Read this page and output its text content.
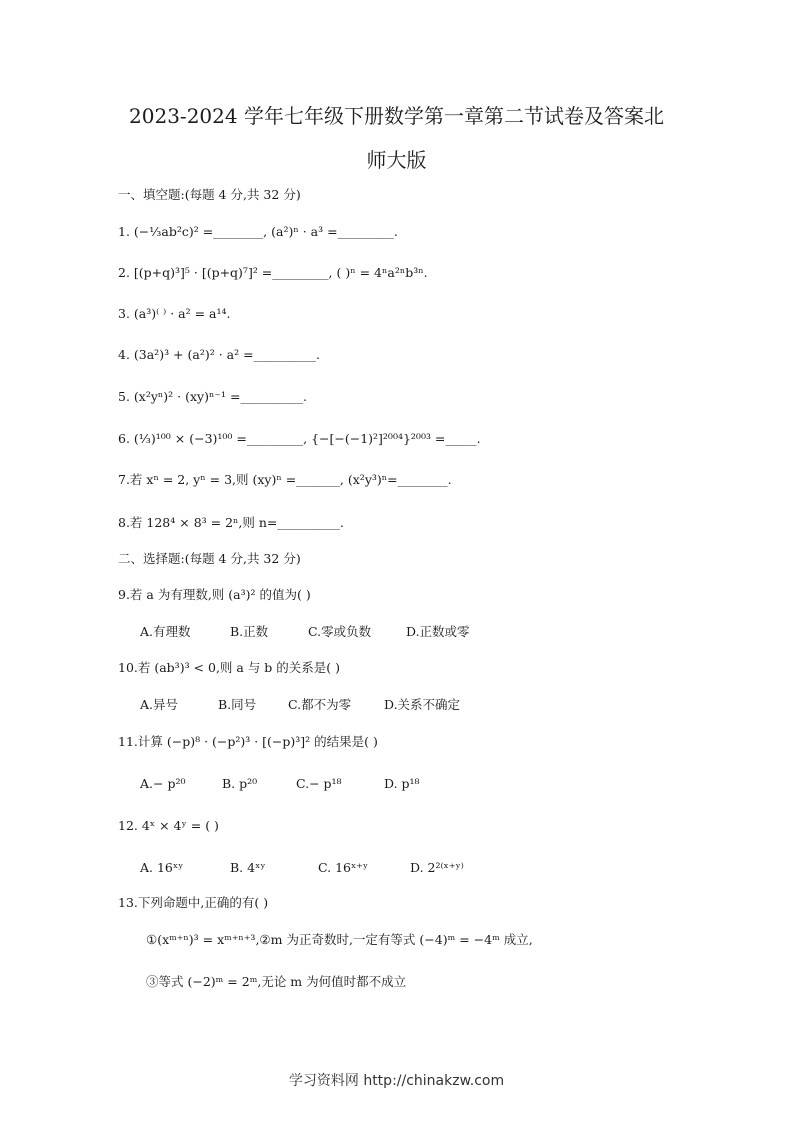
2023-2024 学年七年级下册数学第一章第二节试卷及答案北
师大版
一、填空题:(每题 4 分,共 32 分)
1. (−⅓ab²c)² =________, (a²)ⁿ · a³ =_________.
2. [(p+q)³]⁵ · [(p+q)⁷]² =_________, ( )ⁿ = 4ⁿa²ⁿb³ⁿ.
3. (a³)⁽ ⁾ · a² = a¹⁴.
4. (3a²)³ + (a²)² · a² =__________.
5. (x²yⁿ)² · (xy)ⁿ⁻¹ =__________.
6. (⅓)¹⁰⁰ × (−3)¹⁰⁰ =_________, {−[−(−1)²]²⁰⁰⁴}²⁰⁰³ =_____.
7.若 xⁿ = 2, yⁿ = 3,则 (xy)ⁿ =_______, (x²y³)ⁿ=________.
8.若 128⁴ × 8³ = 2ⁿ,则 n=__________.
二、选择题:(每题 4 分,共 32 分)
9.若 a 为有理数,则 (a³)² 的值为( )
A.有理数	B.正数	C.零或负数	D.正数或零
10.若 (ab³)³ < 0,则 a 与 b 的关系是( )
A.异号	B.同号	C.都不为零	D.关系不确定
11.计算 (−p)⁸ · (−p²)³ · [(−p)³]² 的结果是( )
A.− p²⁰	B. p²⁰	C.− p¹⁸	D. p¹⁸
12. 4ˣ × 4ʸ = ( )
A. 16ˣʸ	B. 4ˣʸ	C. 16ˣ⁺ʸ	D. 2²⁽ˣ⁺ʸ⁾
13.下列命题中,正确的有( )
①(xᵐ⁺ⁿ)³ = xᵐ⁺ⁿ⁺³,②m 为正奇数时,一定有等式 (−4)ᵐ = −4ᵐ 成立,
③等式 (−2)ᵐ = 2ᵐ,无论 m 为何值时都不成立
学习资料网 http://chinakzw.com
